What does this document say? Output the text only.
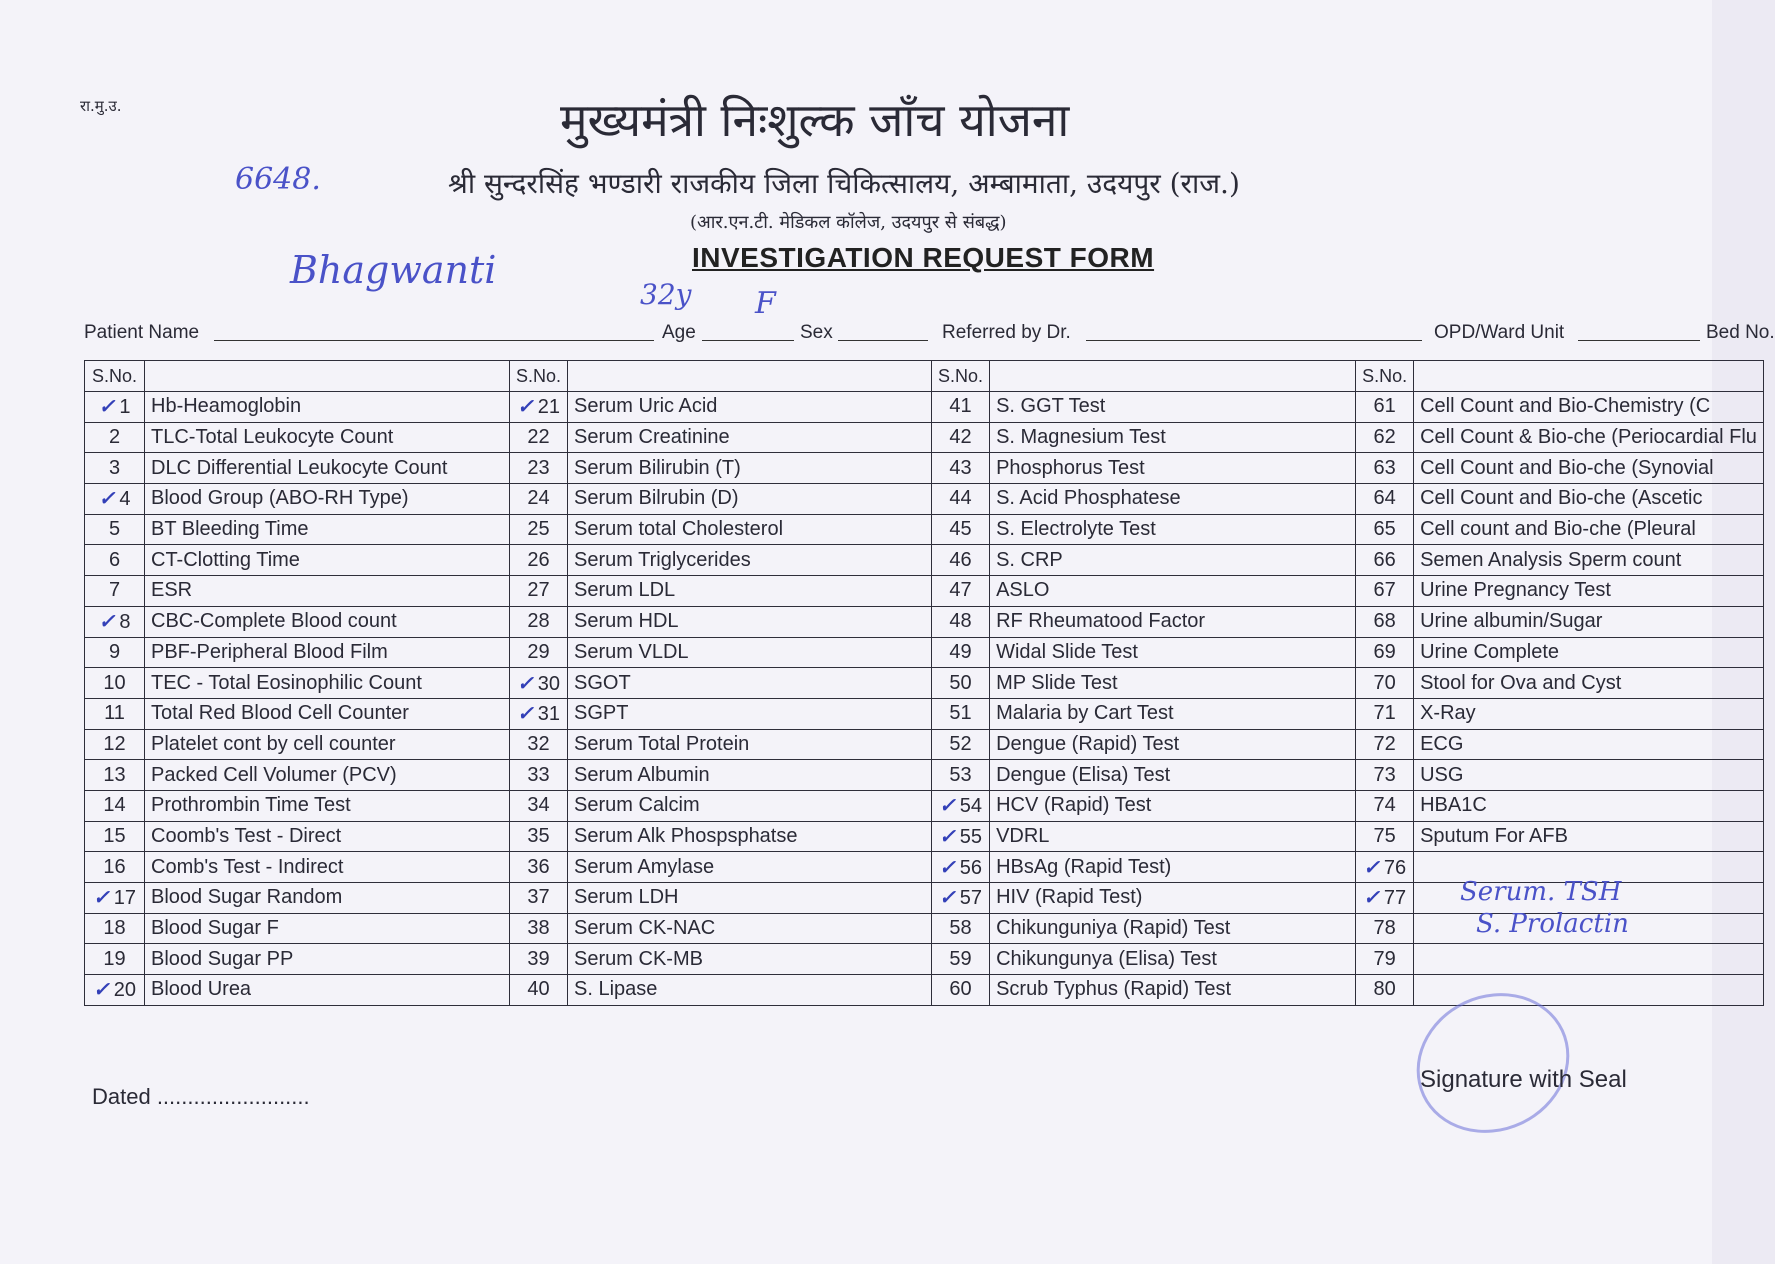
रा.मु.उ.	मुख्यमंत्री निःशुल्क जाँच योजना
श्री सुन्दरसिंह भण्डारी राजकीय जिला चिकित्सालय, अम्बामाता, उदयपुर (राज.)
(आर.एन.टी. मेडिकल कॉलेज, उदयपुर से संबद्ध)
INVESTIGATION REQUEST FORM
6648.
Bhagwanti
32y F
Patient Name	Age	Sex	Referred by Dr.	OPD/Ward Unit	Bed No.
S.No.		S.No.		S.No.		S.No.	
✓ 1	Hb-Heamoglobin	✓ 21	Serum Uric Acid	41	S. GGT Test	61	Cell Count and Bio-Chemistry (C
2	TLC-Total Leukocyte Count	22	Serum Creatinine	42	S. Magnesium Test	62	Cell Count & Bio-che (Periocardial Flu
3	DLC Differential Leukocyte Count	23	Serum Bilirubin (T)	43	Phosphorus Test	63	Cell Count and Bio-che (Synovial
✓ 4	Blood Group (ABO-RH Type)	24	Serum Bilrubin (D)	44	S. Acid Phosphatese	64	Cell Count and Bio-che (Ascetic
5	BT Bleeding Time	25	Serum total Cholesterol	45	S. Electrolyte Test	65	Cell count and Bio-che (Pleural
6	CT-Clotting Time	26	Serum Triglycerides	46	S. CRP	66	Semen Analysis Sperm count
7	ESR	27	Serum LDL	47	ASLO	67	Urine Pregnancy Test
✓ 8	CBC-Complete Blood count	28	Serum HDL	48	RF Rheumatood Factor	68	Urine albumin/Sugar
9	PBF-Peripheral Blood Film	29	Serum VLDL	49	Widal Slide Test	69	Urine Complete
10	TEC - Total Eosinophilic Count	✓ 30	SGOT	50	MP Slide Test	70	Stool for Ova and Cyst
11	Total Red Blood Cell Counter	✓ 31	SGPT	51	Malaria by Cart Test	71	X-Ray
12	Platelet cont by cell counter	32	Serum Total Protein	52	Dengue (Rapid) Test	72	ECG
13	Packed Cell Volumer (PCV)	33	Serum Albumin	53	Dengue (Elisa) Test	73	USG
14	Prothrombin Time Test	34	Serum Calcim	✓ 54	HCV (Rapid) Test	74	HBA1C
15	Coomb's Test - Direct	35	Serum Alk Phospsphatse	✓ 55	VDRL	75	Sputum For AFB
16	Comb's Test - Indirect	36	Serum Amylase	✓ 56	HBsAg (Rapid Test)	✓ 76	
✓ 17	Blood Sugar Random	37	Serum LDH	✓ 57	HIV (Rapid Test)	✓ 77	
18	Blood Sugar F	38	Serum CK-NAC	58	Chikunguniya (Rapid) Test	78	
19	Blood Sugar PP	39	Serum CK-MB	59	Chikungunya (Elisa) Test	79	
✓ 20	Blood Urea	40	S. Lipase	60	Scrub Typhus (Rapid) Test	80	
Serum. TSH
S. Prolactin
Dated .........................
Signature with Seal
